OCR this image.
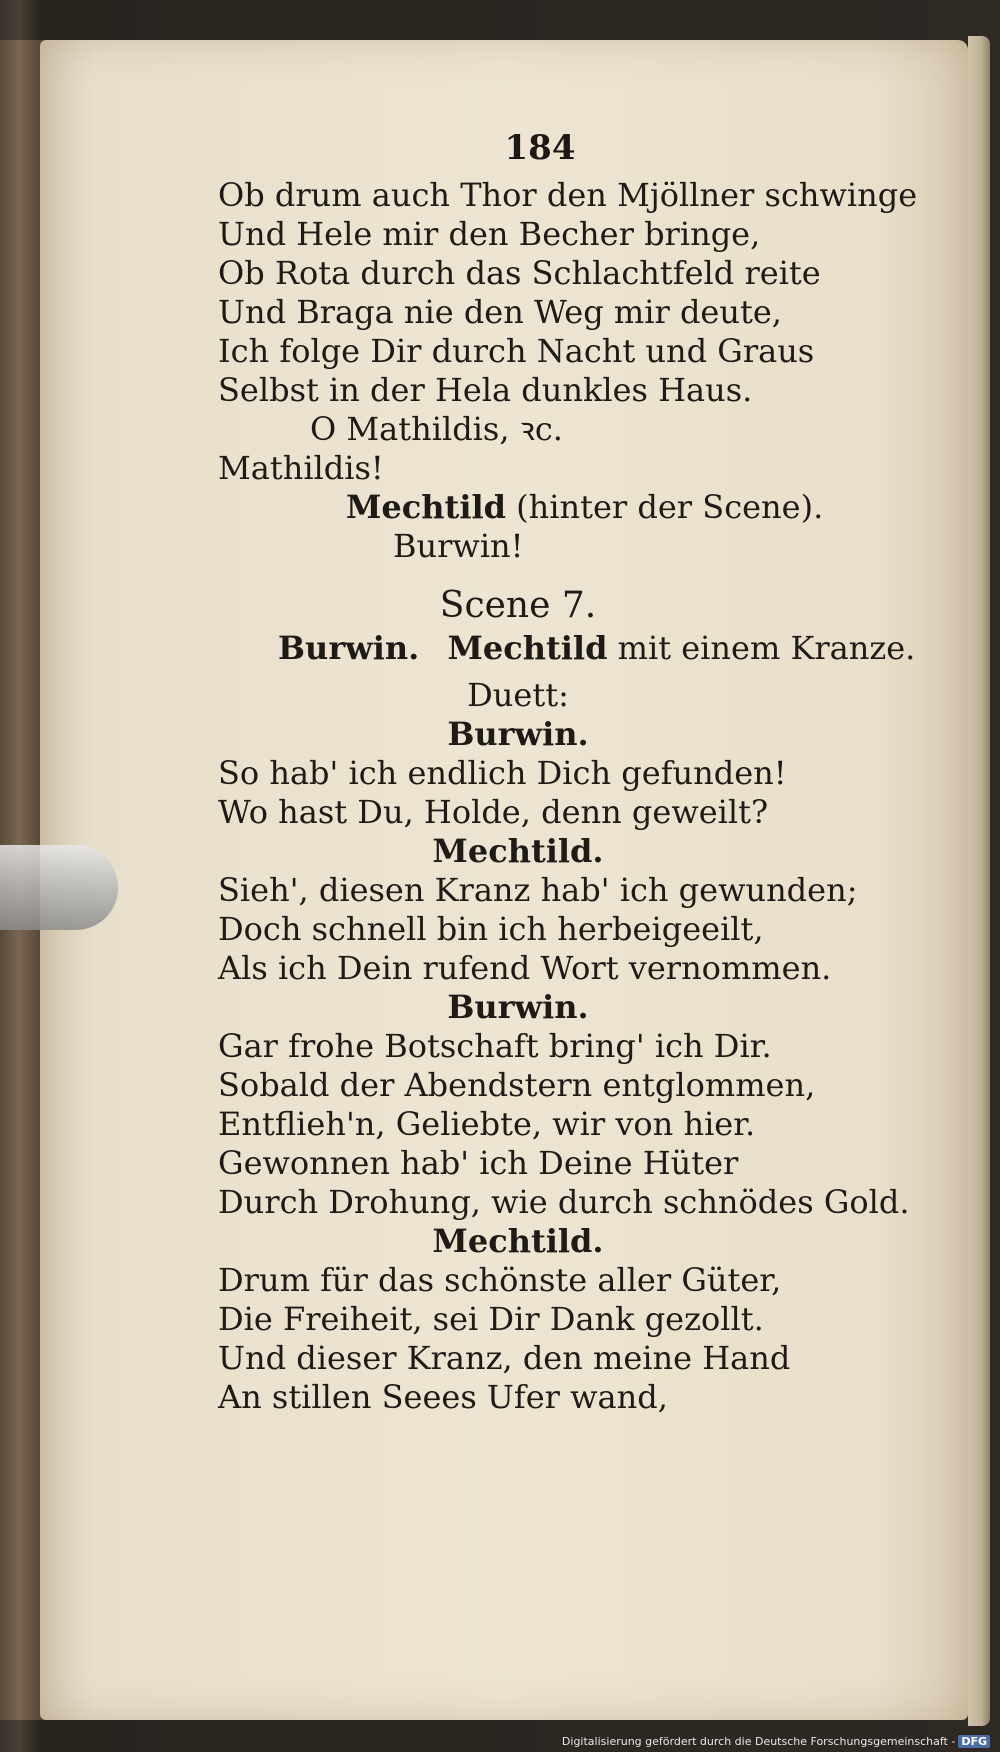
184
Ob drum auch Thor den Mjöllner schwinge
Und Hele mir den Becher bringe,
Ob Rota durch das Schlachtfeld reite
Und Braga nie den Weg mir deute,
Ich folge Dir durch Nacht und Graus
Selbst in der Hela dunkles Haus.
O Mathildis, ꝛc.
Mathildis!
Mechtild (hinter der Scene).
Burwin!
Scene 7.
Burwin. Mechtild mit einem Kranze.
Duett:
Burwin.
So hab' ich endlich Dich gefunden!
Wo hast Du, Holde, denn geweilt?
Mechtild.
Sieh', diesen Kranz hab' ich gewunden;
Doch schnell bin ich herbeigeeilt,
Als ich Dein rufend Wort vernommen.
Burwin.
Gar frohe Botschaft bring' ich Dir.
Sobald der Abendstern entglommen,
Entflieh'n, Geliebte, wir von hier.
Gewonnen hab' ich Deine Hüter
Durch Drohung, wie durch schnödes Gold.
Mechtild.
Drum für das schönste aller Güter,
Die Freiheit, sei Dir Dank gezollt.
Und dieser Kranz, den meine Hand
An stillen Seees Ufer wand,
Digitalisierung gefördert durch die Deutsche Forschungsgemeinschaft - DFG
